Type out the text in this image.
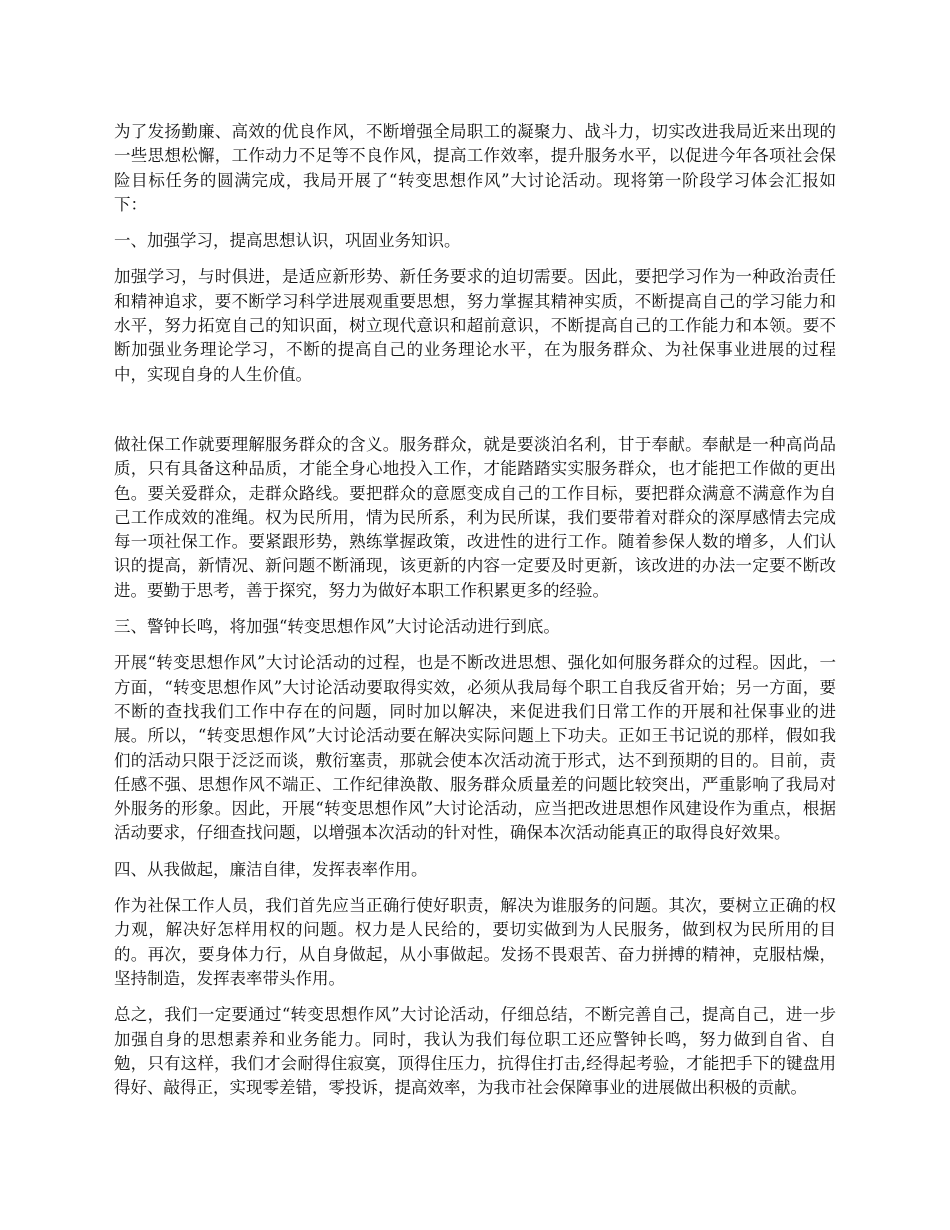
为了发扬勤廉、高效的优良作风，不断增强全局职工的凝聚力、战斗力，切实改进我局近来出现的一些思想松懈，工作动力不足等不良作风，提高工作效率，提升服务水平，以促进今年各项社会保险目标任务的圆满完成，我局开展了“转变思想作风”大讨论活动。现将第一阶段学习体会汇报如下：

一、加强学习，提高思想认识，巩固业务知识。

加强学习，与时俱进，是适应新形势、新任务要求的迫切需要。因此，要把学习作为一种政治责任和精神追求，要不断学习科学进展观重要思想，努力掌握其精神实质，不断提高自己的学习能力和水平，努力拓宽自己的知识面，树立现代意识和超前意识，不断提高自己的工作能力和本领。要不断加强业务理论学习，不断的提高自己的业务理论水平，在为服务群众、为社保事业进展的过程中，实现自身的人生价值。

做社保工作就要理解服务群众的含义。服务群众，就是要淡泊名利，甘于奉献。奉献是一种高尚品质，只有具备这种品质，才能全身心地投入工作，才能踏踏实实服务群众，也才能把工作做的更出色。要关爱群众，走群众路线。要把群众的意愿变成自己的工作目标，要把群众满意不满意作为自己工作成效的准绳。权为民所用，情为民所系，利为民所谋，我们要带着对群众的深厚感情去完成每一项社保工作。要紧跟形势，熟练掌握政策，改进性的进行工作。随着参保人数的增多，人们认识的提高，新情况、新问题不断涌现，该更新的内容一定要及时更新，该改进的办法一定要不断改进。要勤于思考，善于探究，努力为做好本职工作积累更多的经验。

三、警钟长鸣，将加强“转变思想作风”大讨论活动进行到底。

开展“转变思想作风”大讨论活动的过程，也是不断改进思想、强化如何服务群众的过程。因此，一方面，“转变思想作风”大讨论活动要取得实效，必须从我局每个职工自我反省开始；另一方面，要不断的查找我们工作中存在的问题，同时加以解决，来促进我们日常工作的开展和社保事业的进展。所以，“转变思想作风”大讨论活动要在解决实际问题上下功夫。正如王书记说的那样，假如我们的活动只限于泛泛而谈，敷衍塞责，那就会使本次活动流于形式，达不到预期的目的。目前，责任感不强、思想作风不端正、工作纪律涣散、服务群众质量差的问题比较突出，严重影响了我局对外服务的形象。因此，开展“转变思想作风”大讨论活动，应当把改进思想作风建设作为重点，根据活动要求，仔细查找问题，以增强本次活动的针对性，确保本次活动能真正的取得良好效果。

四、从我做起，廉洁自律，发挥表率作用。

作为社保工作人员，我们首先应当正确行使好职责，解决为谁服务的问题。其次，要树立正确的权力观，解决好怎样用权的问题。权力是人民给的，要切实做到为人民服务，做到权为民所用的目的。再次，要身体力行，从自身做起，从小事做起。发扬不畏艰苦、奋力拼搏的精神，克服枯燥，坚持制造，发挥表率带头作用。

总之，我们一定要通过“转变思想作风”大讨论活动，仔细总结，不断完善自己，提高自己，进一步加强自身的思想素养和业务能力。同时，我认为我们每位职工还应警钟长鸣，努力做到自省、自勉，只有这样，我们才会耐得住寂寞，顶得住压力，抗得住打击,经得起考验，才能把手下的键盘用得好、敲得正，实现零差错，零投诉，提高效率，为我市社会保障事业的进展做出积极的贡献。
